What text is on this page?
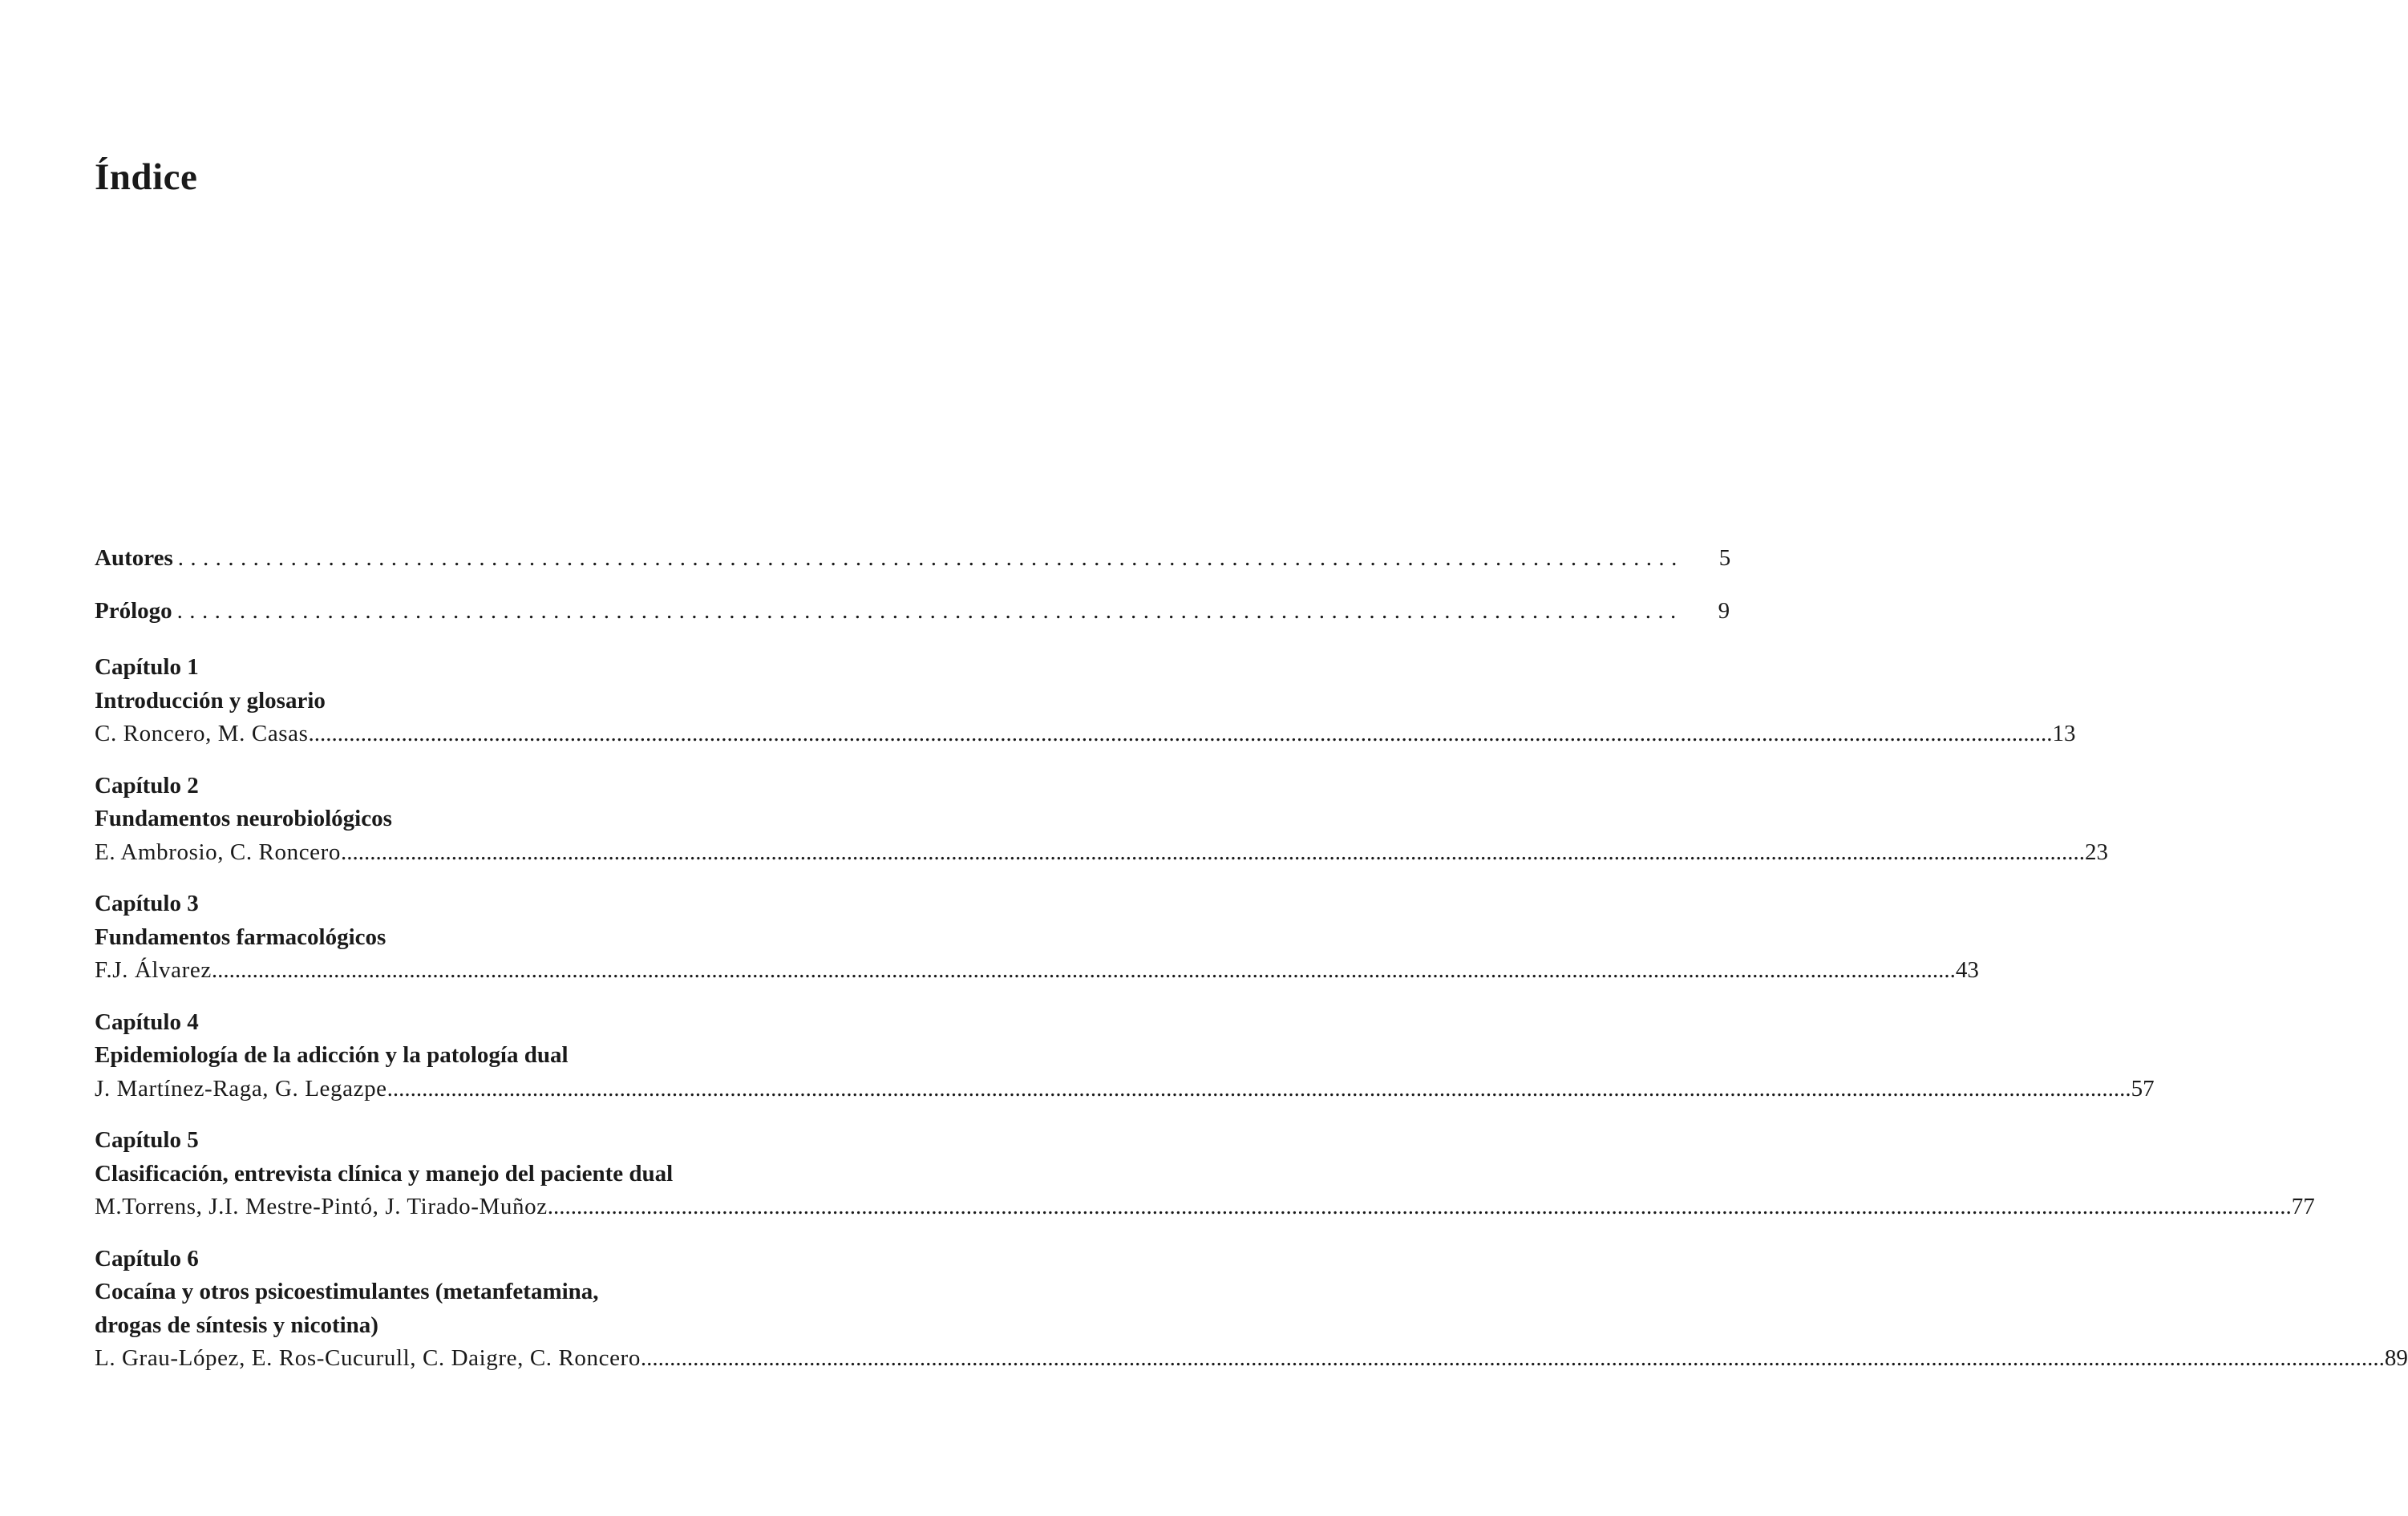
Índice
Autores ........................................................................................................................ 5
Prólogo ........................................................................................................................ 9
Capítulo 1
Introducción y glosario
C. Roncero, M. Casas ............................................................................................................................................................................................................................................................................................................ 13
Capítulo 2
Fundamentos neurobiológicos
E. Ambrosio, C. Roncero ............................................................................................................................................................................................................................................................................................................ 23
Capítulo 3
Fundamentos farmacológicos
F.J. Álvarez ............................................................................................................................................................................................................................................................................................................ 43
Capítulo 4
Epidemiología de la adicción y la patología dual
J. Martínez-Raga, G. Legazpe ............................................................................................................................................................................................................................................................................................................ 57
Capítulo 5
Clasificación, entrevista clínica y manejo del paciente dual
M.Torrens, J.I. Mestre-Pintó, J. Tirado-Muñoz ............................................................................................................................................................................................................................................................................................................ 77
Capítulo 6
Cocaína y otros psicoestimulantes (metanfetamina,
drogas de síntesis y nicotina)
L. Grau-López, E. Ros-Cucurull, C. Daigre, C. Roncero ............................................................................................................................................................................................................................................................................................................ 89
